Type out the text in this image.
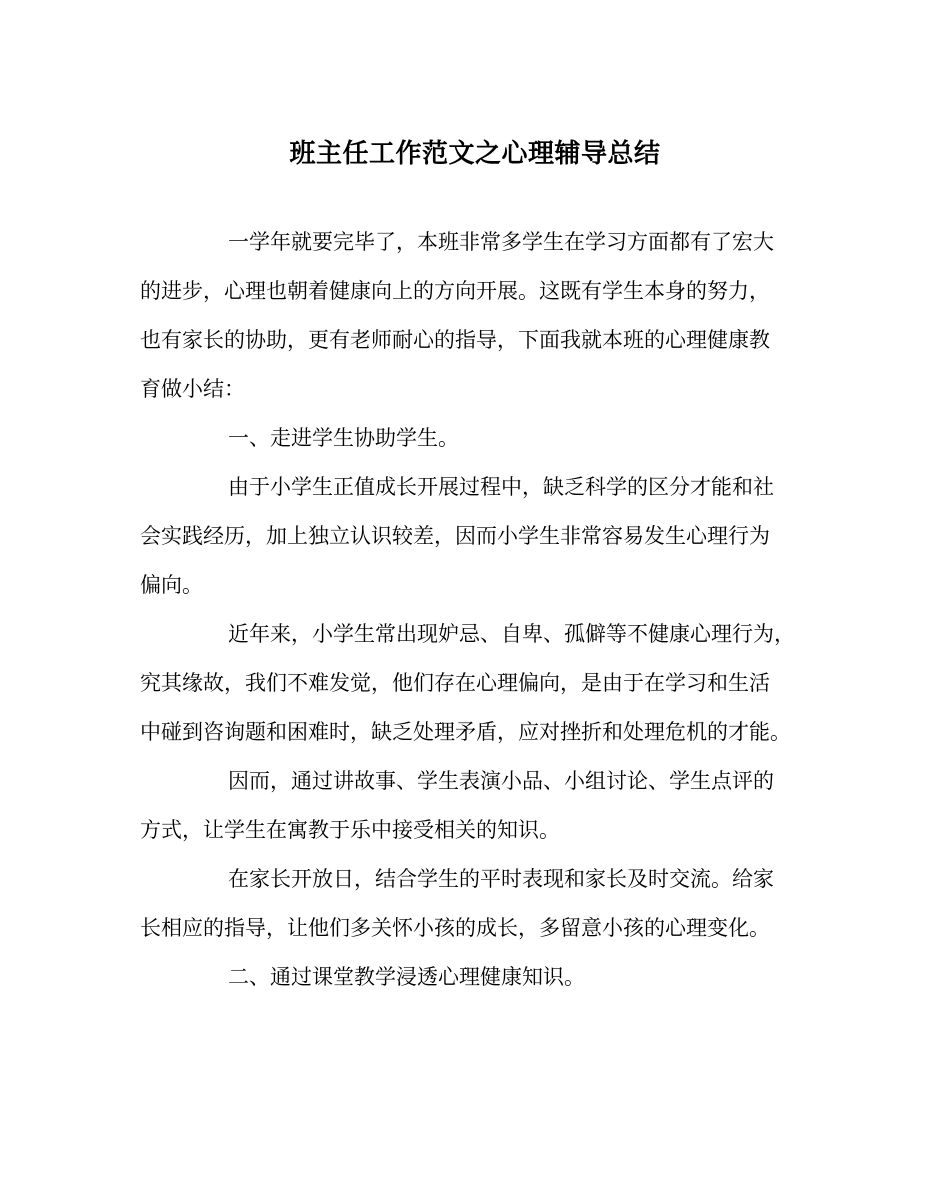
班主任工作范文之心理辅导总结
一学年就要完毕了，本班非常多学生在学习方面都有了宏大
的进步，心理也朝着健康向上的方向开展。这既有学生本身的努力，
也有家长的协助，更有老师耐心的指导，下面我就本班的心理健康教
育做小结：
一、走进学生协助学生。
由于小学生正值成长开展过程中，缺乏科学的区分才能和社
会实践经历，加上独立认识较差，因而小学生非常容易发生心理行为
偏向。
近年来，小学生常出现妒忌、自卑、孤僻等不健康心理行为，
究其缘故，我们不难发觉，他们存在心理偏向，是由于在学习和生活
中碰到咨询题和困难时，缺乏处理矛盾，应对挫折和处理危机的才能。
因而，通过讲故事、学生表演小品、小组讨论、学生点评的
方式，让学生在寓教于乐中接受相关的知识。
在家长开放日，结合学生的平时表现和家长及时交流。给家
长相应的指导，让他们多关怀小孩的成长，多留意小孩的心理变化。
二、通过课堂教学浸透心理健康知识。
